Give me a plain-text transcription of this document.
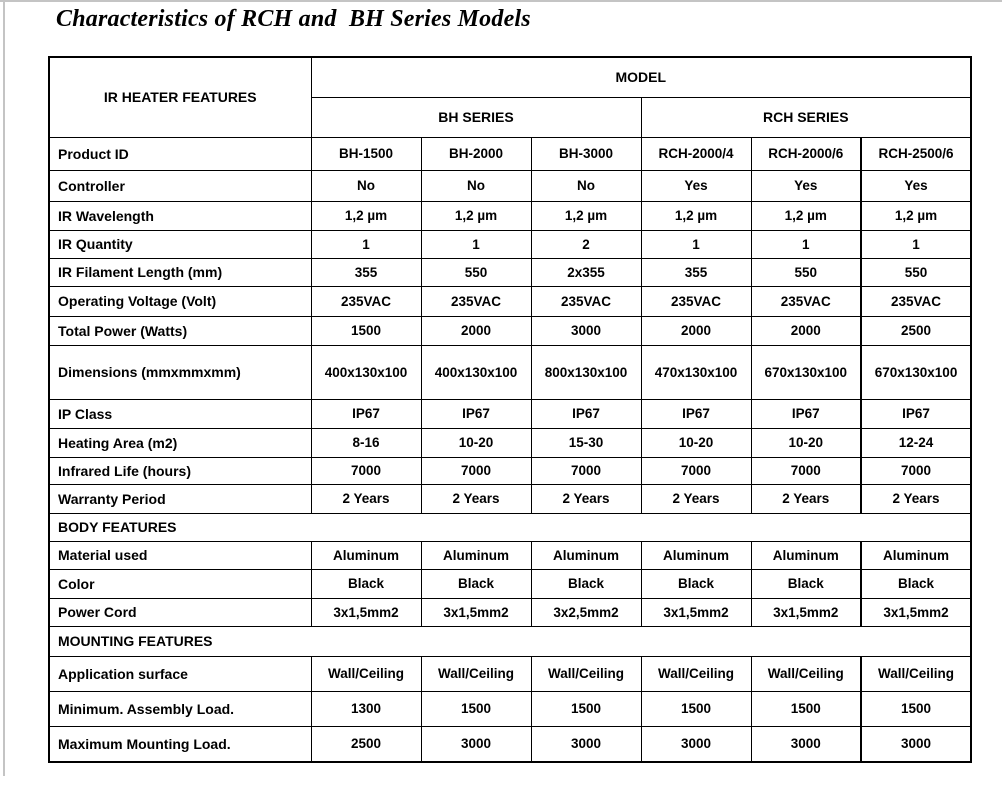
Characteristics of RCH and  BH Series Models
IR HEATER FEATURES	MODEL					
	BH SERIES			RCH SERIES		
Product ID	BH-1500	BH-2000	BH-3000	RCH-2000/4	RCH-2000/6	RCH-2500/6
Controller	No	No	No	Yes	Yes	Yes
IR Wavelength	1,2 µm	1,2 µm	1,2 µm	1,2 µm	1,2 µm	1,2 µm
IR Quantity	1	1	2	1	1	1
IR Filament Length (mm)	355	550	2x355	355	550	550
Operating Voltage (Volt)	235VAC	235VAC	235VAC	235VAC	235VAC	235VAC
Total Power (Watts)	1500	2000	3000	2000	2000	2500
Dimensions (mmxmmxmm)	400x130x100	400x130x100	800x130x100	470x130x100	670x130x100	670x130x100
IP Class	IP67	IP67	IP67	IP67	IP67	IP67
Heating Area (m2)	8-16	10-20	15-30	10-20	10-20	12-24
Infrared Life (hours)	7000	7000	7000	7000	7000	7000
Warranty Period	2 Years	2 Years	2 Years	2 Years	2 Years	2 Years
BODY FEATURES						
Material used	Aluminum	Aluminum	Aluminum	Aluminum	Aluminum	Aluminum
Color	Black	Black	Black	Black	Black	Black
Power Cord	3x1,5mm2	3x1,5mm2	3x2,5mm2	3x1,5mm2	3x1,5mm2	3x1,5mm2
MOUNTING FEATURES						
Application surface	Wall/Ceiling	Wall/Ceiling	Wall/Ceiling	Wall/Ceiling	Wall/Ceiling	Wall/Ceiling
Minimum. Assembly Load.	1300	1500	1500	1500	1500	1500
Maximum Mounting Load.	2500	3000	3000	3000	3000	3000
